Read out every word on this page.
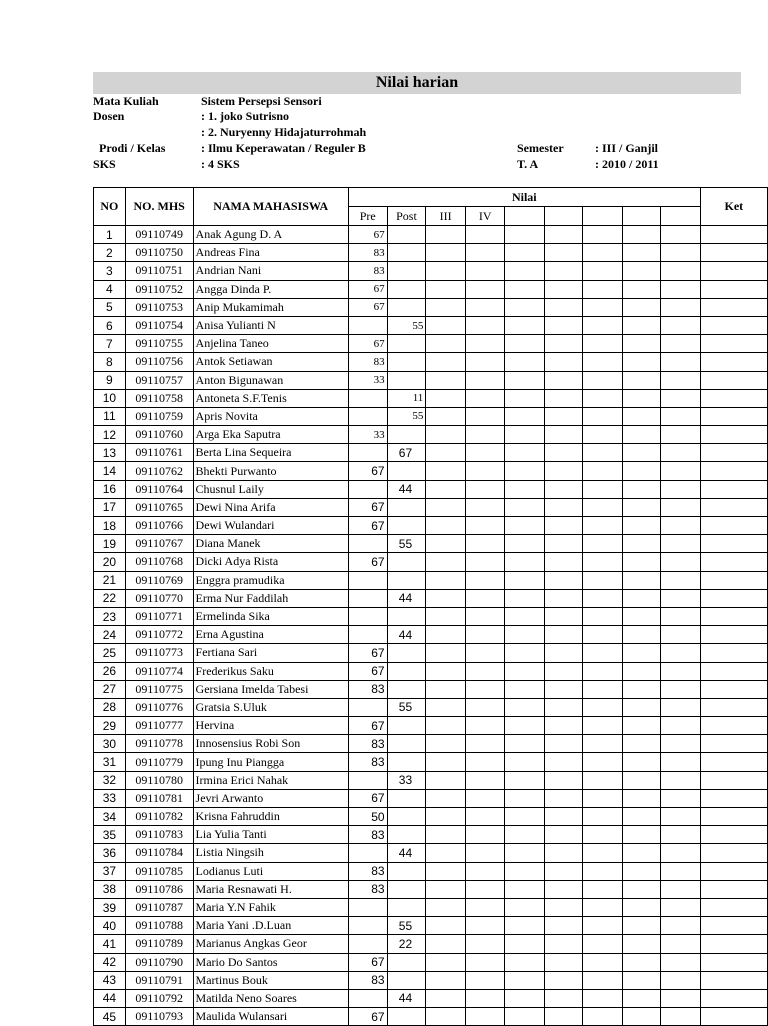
Nilai harian
Mata Kuliah	Sistem Persepsi Sensori
Dosen	: 1. joko Sutrisno
: 2. Nuryenny Hidajaturrohmah
Prodi / Kelas	: Ilmu Keperawatan / Reguler B
SKS	: 4 SKS
Semester	: III / Ganjil
T. A	: 2010 / 2011
NO	NO. MHS	NAMA MAHASISWA	Nilai									Ket
			Pre	Post	III	IV						
1	09110749	Anak Agung D. A	67									
2	09110750	Andreas Fina	83									
3	09110751	Andrian Nani	83									
4	09110752	Angga Dinda P.	67									
5	09110753	Anip Mukamimah	67									
6	09110754	Anisa Yulianti N		55								
7	09110755	Anjelina Taneo	67									
8	09110756	Antok Setiawan	83									
9	09110757	Anton Bigunawan	33									
10	09110758	Antoneta S.F.Tenis		11								
11	09110759	Apris Novita		55								
12	09110760	Arga Eka Saputra	33									
13	09110761	Berta Lina Sequeira		67								
14	09110762	Bhekti Purwanto	67									
16	09110764	Chusnul Laily		44								
17	09110765	Dewi Nina Arifa	67									
18	09110766	Dewi Wulandari	67									
19	09110767	Diana Manek		55								
20	09110768	Dicki Adya Rista	67									
21	09110769	Enggra pramudika										
22	09110770	Erma Nur Faddilah		44								
23	09110771	Ermelinda Sika										
24	09110772	Erna Agustina		44								
25	09110773	Fertiana Sari	67									
26	09110774	Frederikus Saku	67									
27	09110775	Gersiana Imelda Tabesi	83									
28	09110776	Gratsia S.Uluk		55								
29	09110777	Hervina	67									
30	09110778	Innosensius Robi Son	83									
31	09110779	Ipung Inu Piangga	83									
32	09110780	Irmina Erici Nahak		33								
33	09110781	Jevri Arwanto	67									
34	09110782	Krisna Fahruddin	50									
35	09110783	Lia Yulia Tanti	83									
36	09110784	Listia Ningsih		44								
37	09110785	Lodianus Luti	83									
38	09110786	Maria Resnawati H.	83									
39	09110787	Maria Y.N Fahik										
40	09110788	Maria Yani .D.Luan		55								
41	09110789	Marianus Angkas Geor		22								
42	09110790	Mario Do Santos	67									
43	09110791	Martinus Bouk	83									
44	09110792	Matilda Neno Soares		44								
45	09110793	Maulida Wulansari	67									
